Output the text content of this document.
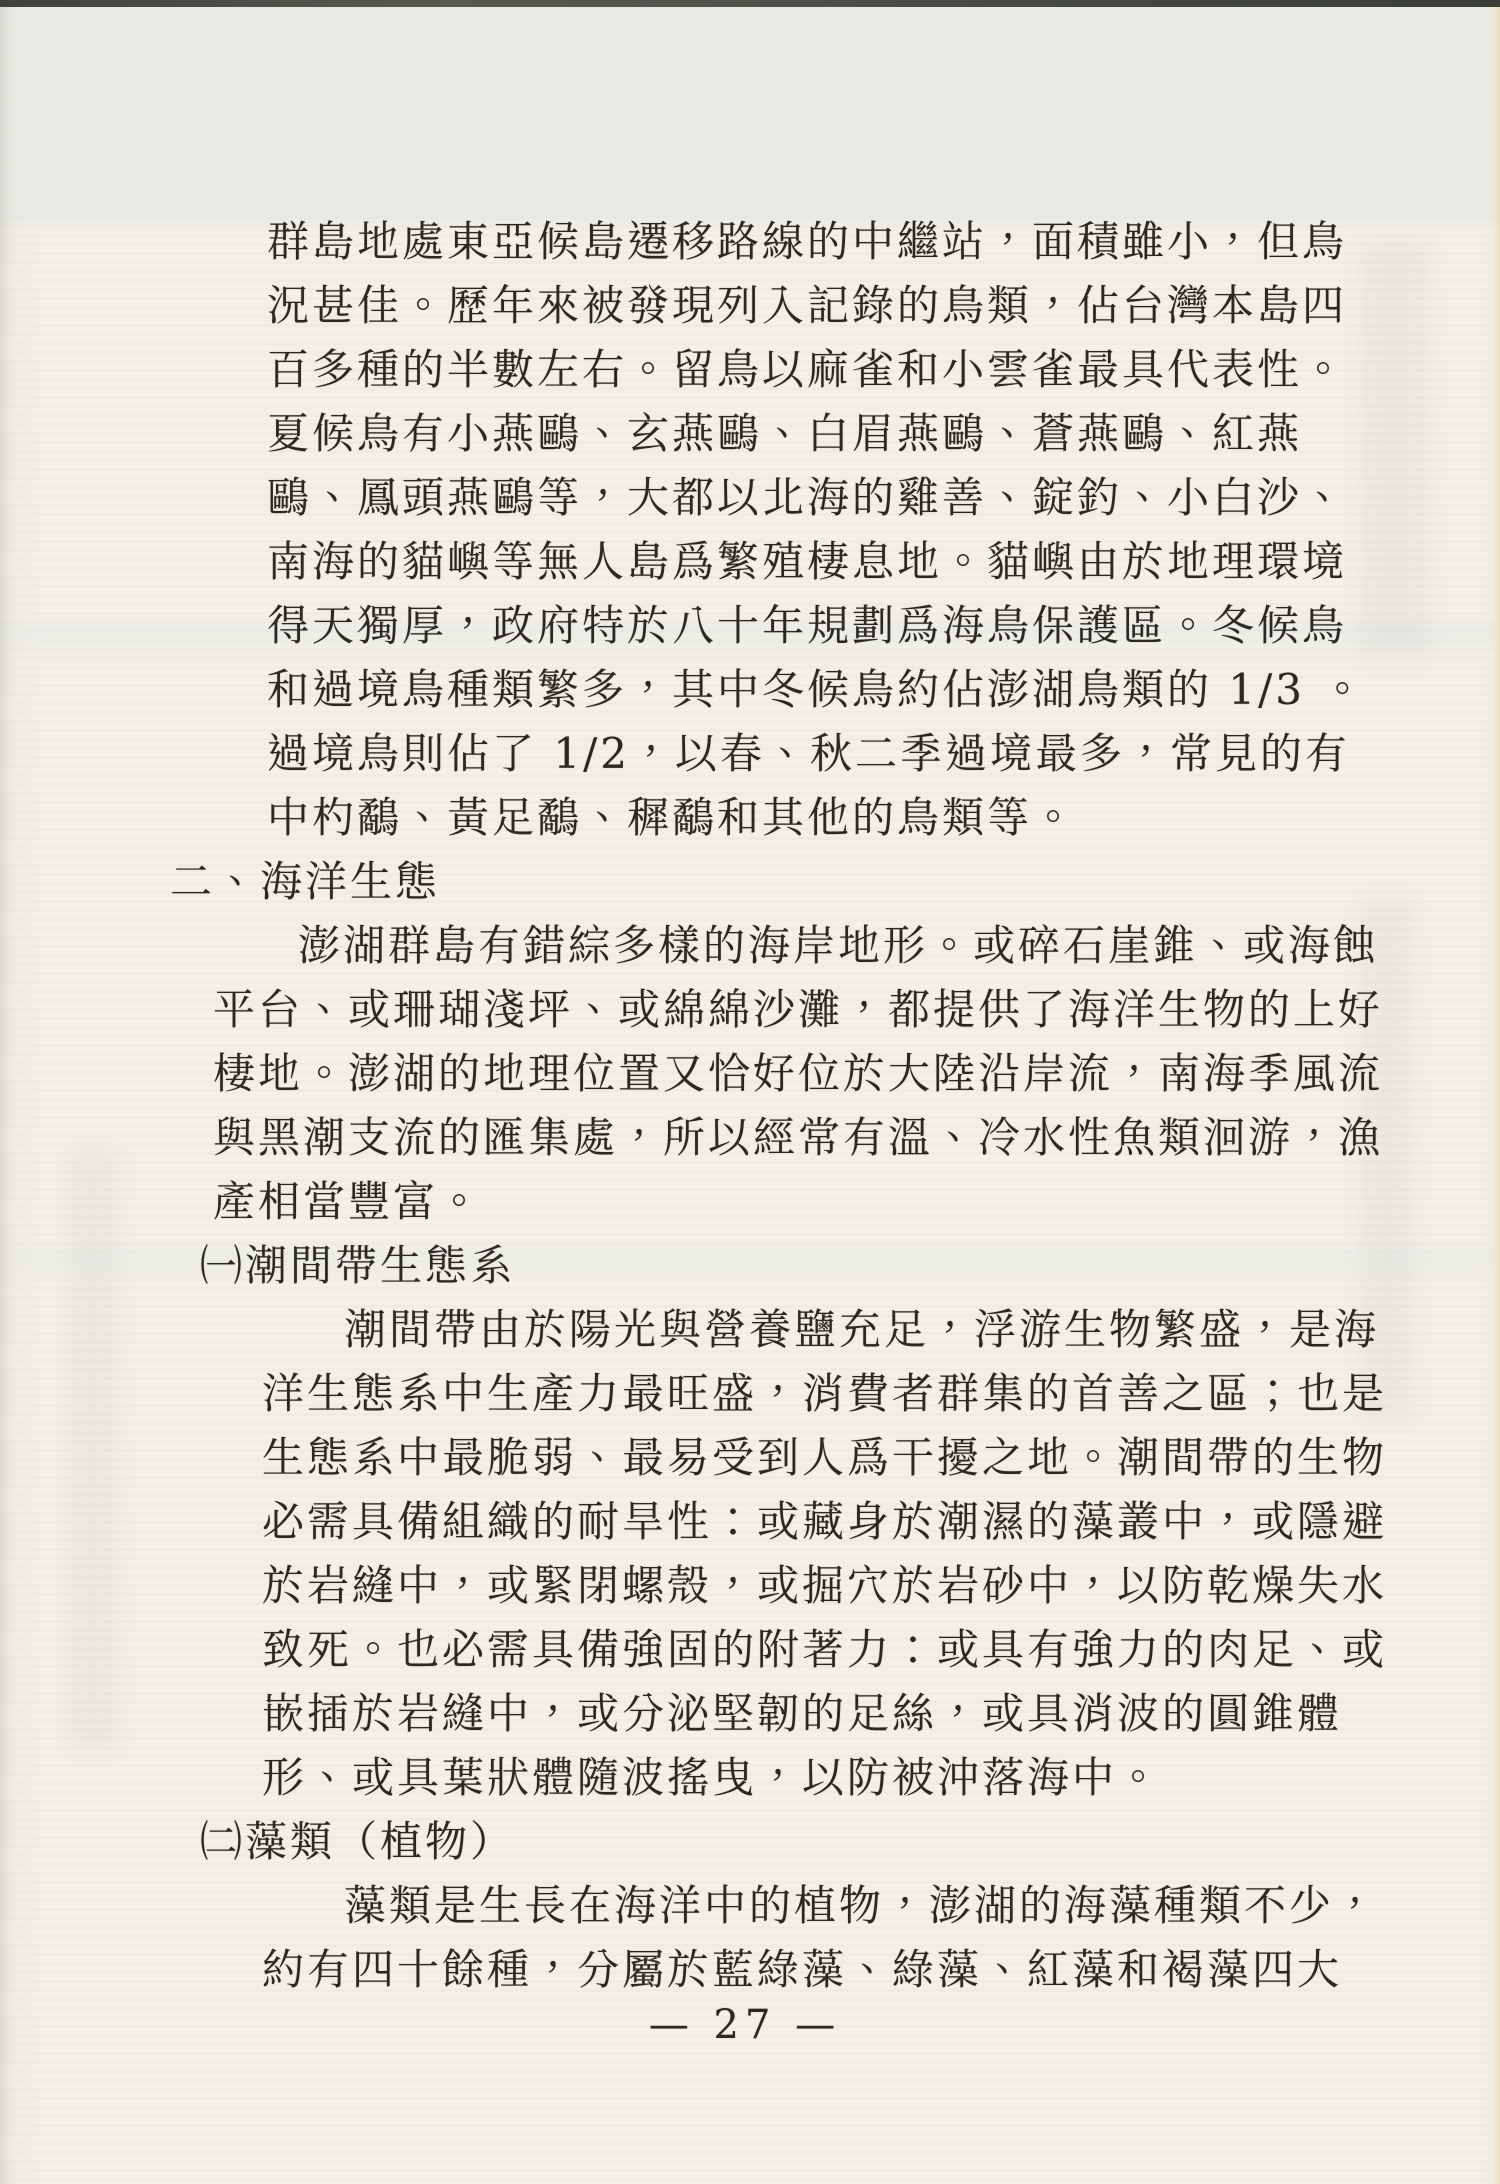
群島地處東亞候島遷移路線的中繼站，面積雖小，但鳥
況甚佳。歷年來被發現列入記錄的鳥類，佔台灣本島四
百多種的半數左右。留鳥以麻雀和小雲雀最具代表性。
夏候鳥有小燕鷗、玄燕鷗、白眉燕鷗、蒼燕鷗、紅燕
鷗、鳳頭燕鷗等，大都以北海的雞善、錠釣、小白沙、
南海的貓嶼等無人島爲繁殖棲息地。貓嶼由於地理環境
得天獨厚，政府特於八十年規劃爲海鳥保護區。冬候鳥
和過境鳥種類繁多，其中冬候鳥約佔澎湖鳥類的 1/3 。
過境鳥則佔了 1/2，以春、秋二季過境最多，常見的有
中杓鷸、黃足鷸、穉鷸和其他的鳥類等。
二、海洋生態
澎湖群島有錯綜多樣的海岸地形。或碎石崖錐、或海蝕
平台、或珊瑚淺坪、或綿綿沙灘，都提供了海洋生物的上好
棲地。澎湖的地理位置又恰好位於大陸沿岸流，南海季風流
與黑潮支流的匯集處，所以經常有溫、冷水性魚類洄游，漁
產相當豐富。
㈠潮間帶生態系
潮間帶由於陽光與營養鹽充足，浮游生物繁盛，是海
洋生態系中生產力最旺盛，消費者群集的首善之區；也是
生態系中最脆弱、最易受到人爲干擾之地。潮間帶的生物
必需具備組織的耐旱性：或藏身於潮濕的藻叢中，或隱避
於岩縫中，或緊閉螺殼，或掘穴於岩砂中，以防乾燥失水
致死。也必需具備強固的附著力：或具有強力的肉足、或
嵌插於岩縫中，或分泌堅韌的足絲，或具消波的圓錐體
形、或具葉狀體隨波搖曳，以防被沖落海中。
㈡藻類（植物）
藻類是生長在海洋中的植物，澎湖的海藻種類不少，
約有四十餘種，分屬於藍綠藻、綠藻、紅藻和褐藻四大
— 27 —
